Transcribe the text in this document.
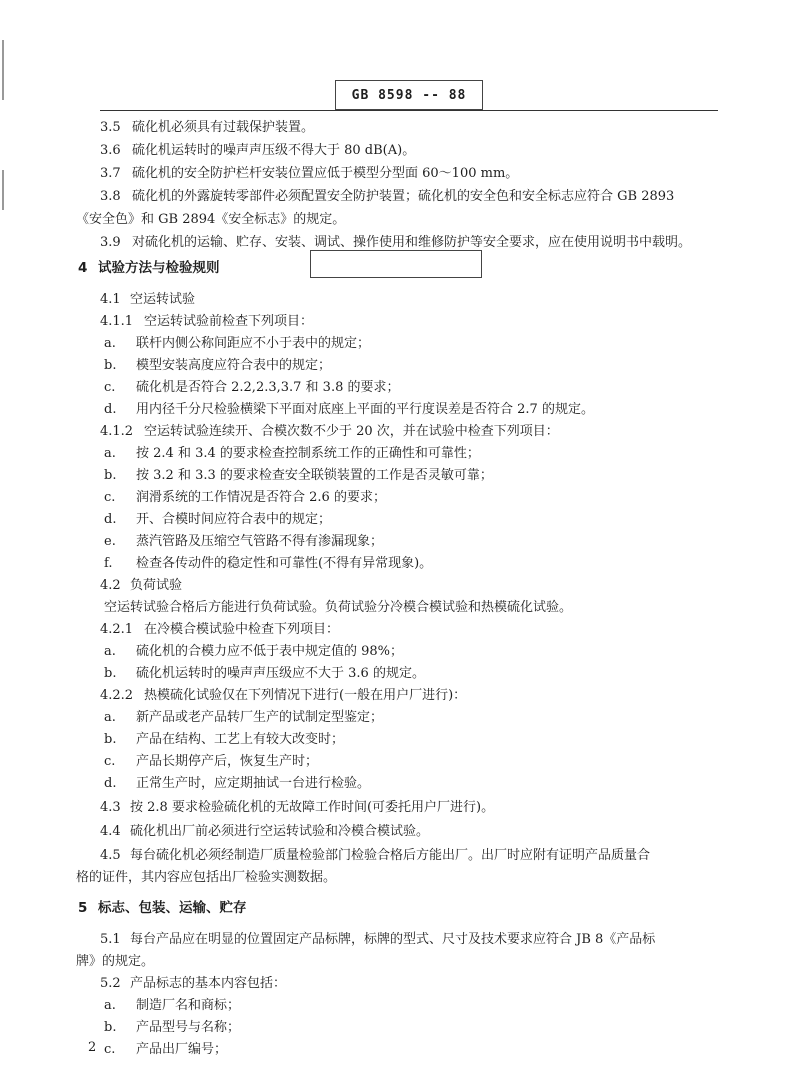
GB 8598 -- 88
3.5 硫化机必须具有过载保护装置。
3.6 硫化机运转时的噪声声压级不得大于 80 dB(A)。
3.7 硫化机的安全防护栏杆安装位置应低于模型分型面 60～100 mm。
3.8 硫化机的外露旋转零部件必须配置安全防护装置；硫化机的安全色和安全标志应符合 GB 2893
《安全色》和 GB 2894《安全标志》的规定。
3.9 对硫化机的运输、贮存、安装、调试、操作使用和维修防护等安全要求，应在使用说明书中载明。
4 试验方法与检验规则
4.1 空运转试验
4.1.1 空运转试验前检查下列项目：
a. 联杆内侧公称间距应不小于表中的规定；
b. 模型安装高度应符合表中的规定；
c. 硫化机是否符合 2.2,2.3,3.7 和 3.8 的要求；
d. 用内径千分尺检验横梁下平面对底座上平面的平行度误差是否符合 2.7 的规定。
4.1.2 空运转试验连续开、合模次数不少于 20 次，并在试验中检查下列项目：
a. 按 2.4 和 3.4 的要求检查控制系统工作的正确性和可靠性；
b. 按 3.2 和 3.3 的要求检查安全联锁装置的工作是否灵敏可靠；
c. 润滑系统的工作情况是否符合 2.6 的要求；
d. 开、合模时间应符合表中的规定；
e. 蒸汽管路及压缩空气管路不得有渗漏现象；
f. 检查各传动件的稳定性和可靠性(不得有异常现象)。
4.2 负荷试验
空运转试验合格后方能进行负荷试验。负荷试验分冷模合模试验和热模硫化试验。
4.2.1 在冷模合模试验中检查下列项目：
a. 硫化机的合模力应不低于表中规定值的 98%；
b. 硫化机运转时的噪声声压级应不大于 3.6 的规定。
4.2.2 热模硫化试验仅在下列情况下进行(一般在用户厂进行)：
a. 新产品或老产品转厂生产的试制定型鉴定；
b. 产品在结构、工艺上有较大改变时；
c. 产品长期停产后，恢复生产时；
d. 正常生产时，应定期抽试一台进行检验。
4.3 按 2.8 要求检验硫化机的无故障工作时间(可委托用户厂进行)。
4.4 硫化机出厂前必须进行空运转试验和冷模合模试验。
4.5 每台硫化机必须经制造厂质量检验部门检验合格后方能出厂。出厂时应附有证明产品质量合
格的证件，其内容应包括出厂检验实测数据。
5 标志、包装、运输、贮存
5.1 每台产品应在明显的位置固定产品标牌，标牌的型式、尺寸及技术要求应符合 JB 8《产品标
牌》的规定。
5.2 产品标志的基本内容包括：
a. 制造厂名和商标；
b. 产品型号与名称；
c. 产品出厂编号；
2
